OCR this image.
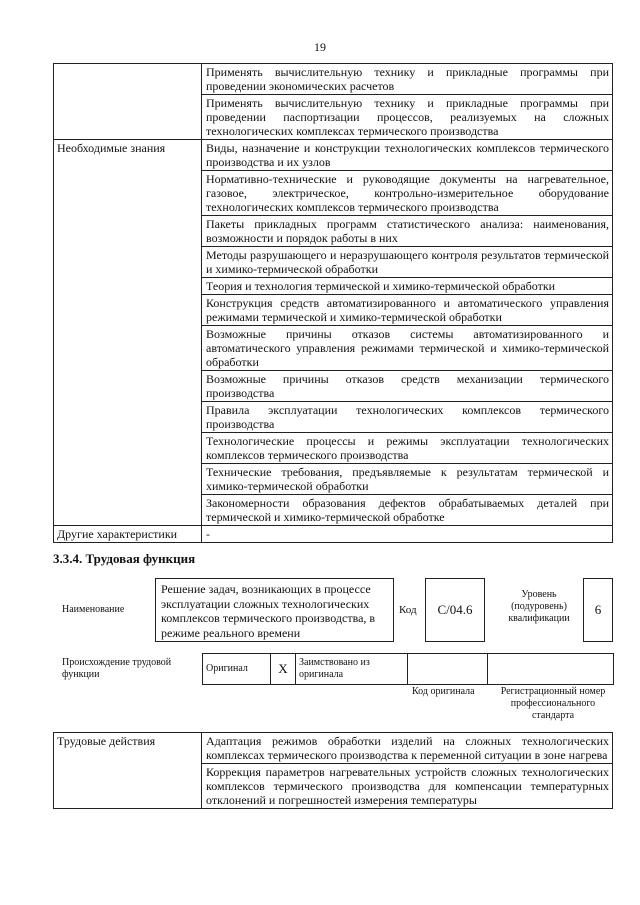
19
	Применять вычислительную технику и прикладные программы при проведении экономических расчетов
	Применять вычислительную технику и прикладные программы при проведении паспортизации процессов, реализуемых на сложных технологических комплексах термического производства
Необходимые знания	Виды, назначение и конструкции технологических комплексов термического производства и их узлов
	Нормативно-технические и руководящие документы на нагревательное, газовое, электрическое, контрольно-измерительное оборудование технологических комплексов термического производства
	Пакеты прикладных программ статистического анализа: наименования, возможности и порядок работы в них
	Методы разрушающего и неразрушающего контроля результатов термической и химико-термической обработки
	Теория и технология термической и химико-термической обработки
	Конструкция средств автоматизированного и автоматического управления режимами термической и химико-термической обработки
	Возможные причины отказов системы автоматизированного и автоматического управления режимами термической и химико-термической обработки
	Возможные причины отказов средств механизации термического производства
	Правила эксплуатации технологических комплексов термического производства
	Технологические процессы и режимы эксплуатации технологических комплексов термического производства
	Технические требования, предъявляемые к результатам термической и химико-термической обработки
	Закономерности образования дефектов обрабатываемых деталей при термической и химико-термической обработке
Другие характеристики	-
3.3.4. Трудовая функция
Наименование
Решение задач, возникающих в процессе эксплуатации сложных технологических комплексов термического производства, в режиме реального времени
Код	C/04.6
Уровень (подуровень) квалификации
6
Происхождение трудовой функции
Оригинал	X	Заимствовано из оригинала		
Код оригинала	Регистрационный номер профессионального стандарта
Трудовые действия	Адаптация режимов обработки изделий на сложных технологических комплексах термического производства к переменной ситуации в зоне нагрева
Коррекция параметров нагревательных устройств сложных технологических комплексов термического производства для компенсации температурных отклонений и погрешностей измерения температуры
